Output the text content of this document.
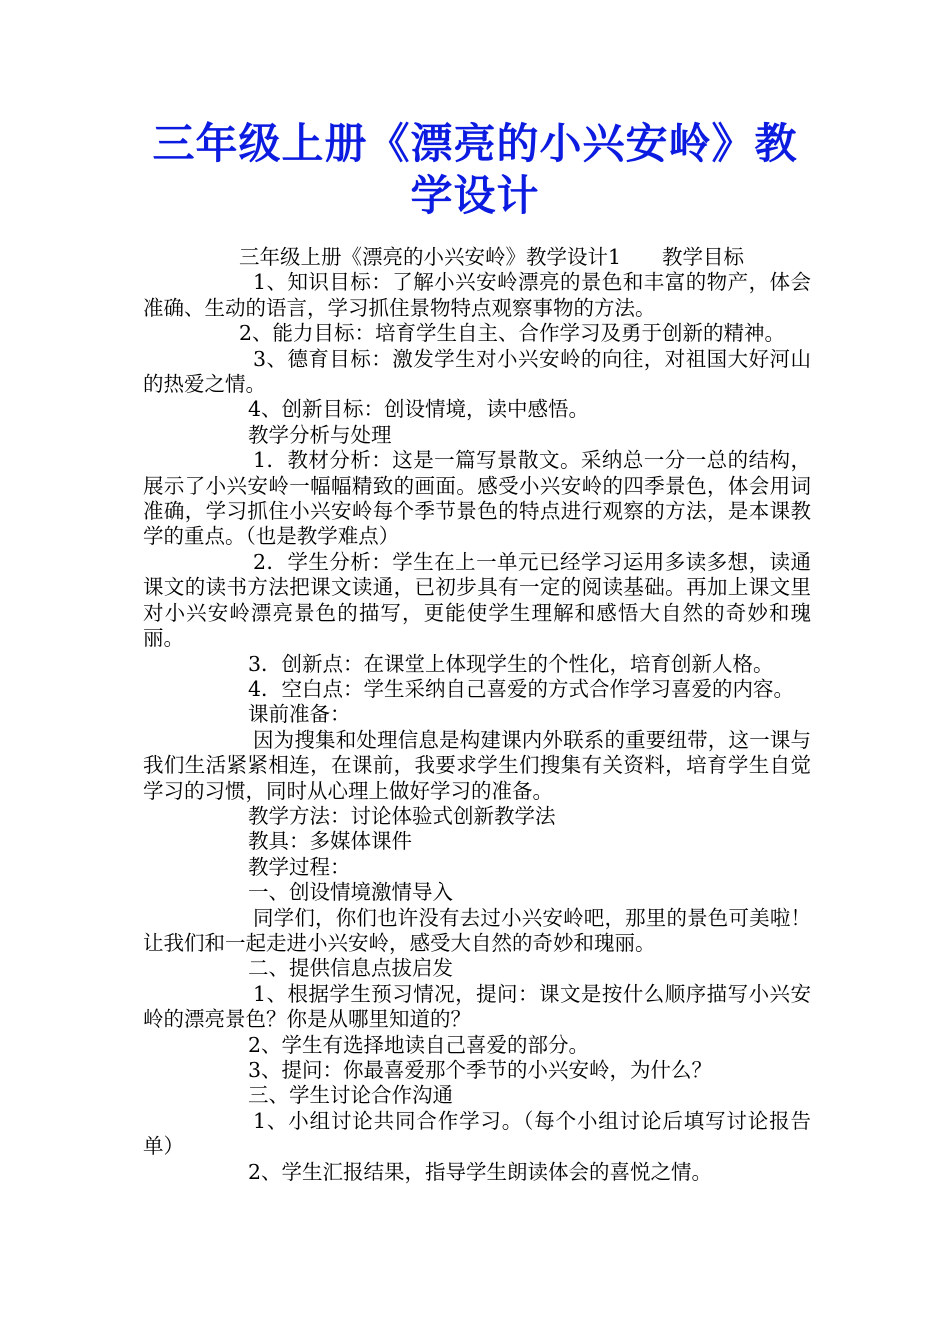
三年级上册《漂亮的小兴安岭》教学设计

三年级上册《漂亮的小兴安岭》教学设计1　　教学目标

1、知识目标：了解小兴安岭漂亮的景色和丰富的物产，体会准确、生动的语言，学习抓住景物特点观察事物的方法。

2、能力目标：培育学生自主、合作学习及勇于创新的精神。

3、德育目标：激发学生对小兴安岭的向往，对祖国大好河山的热爱之情。

4、创新目标：创设情境，读中感悟。

教学分析与处理

1．教材分析：这是一篇写景散文。采纳总一分一总的结构，展示了小兴安岭一幅幅精致的画面。感受小兴安岭的四季景色，体会用词准确，学习抓住小兴安岭每个季节景色的特点进行观察的方法，是本课教学的重点。（也是教学难点）

2．学生分析：学生在上一单元已经学习运用多读多想，读通课文的读书方法把课文读通，已初步具有一定的阅读基础。再加上课文里对小兴安岭漂亮景色的描写，更能使学生理解和感悟大自然的奇妙和瑰丽。

3．创新点：在课堂上体现学生的个性化，培育创新人格。

4．空白点：学生采纳自己喜爱的方式合作学习喜爱的内容。

课前准备：

因为搜集和处理信息是构建课内外联系的重要纽带，这一课与我们生活紧紧相连，在课前，我要求学生们搜集有关资料，培育学生自觉学习的习惯，同时从心理上做好学习的准备。

教学方法：讨论体验式创新教学法

教具：多媒体课件

教学过程：

一、创设情境激情导入

同学们，你们也许没有去过小兴安岭吧，那里的景色可美啦！让我们和一起走进小兴安岭，感受大自然的奇妙和瑰丽。

二、提供信息点拔启发

1、根据学生预习情况，提问：课文是按什么顺序描写小兴安岭的漂亮景色？你是从哪里知道的？

2、学生有选择地读自己喜爱的部分。

3、提问：你最喜爱那个季节的小兴安岭，为什么？

三、学生讨论合作沟通

1、小组讨论共同合作学习。（每个小组讨论后填写讨论报告单）

2、学生汇报结果，指导学生朗读体会的喜悦之情。
